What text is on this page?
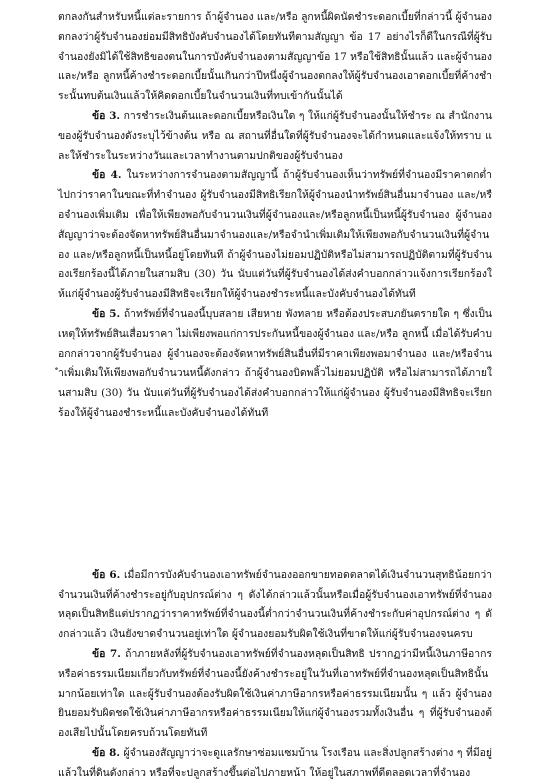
ตกลงกันสำหรับหนี้แต่ละรายการ ถ้าผู้จำนอง และ/หรือ ลูกหนี้ผิดนัดชำระดอกเบี้ยที่กล่าวนี้ ผู้จำนองตกลงว่าผู้รับจำนองย่อมมีสิทธิบังคับจำนองได้โดยทันทีตามสัญญา ข้อ 17 อย่างไรก็ดีในกรณีที่ผู้รับจำนองยังมิได้ใช้สิทธิของตนในการบังคับจำนองตามสัญญาข้อ 17 หรือใช้สิทธินั้นแล้ว และผู้จำนองและ/หรือ ลูกหนี้ค้างชำระดอกเบี้ยนั้นเกินกว่าปีหนึ่งผู้จำนองตกลงให้ผู้รับจำนองเอาดอกเบี้ยที่ค้างชำระนั้นทบต้นเงินแล้วให้คิดดอกเบี้ยในจำนวนเงินที่ทบเข้ากันนั้นได้

ข้อ 3. การชำระเงินต้นและดอกเบี้ยหรือเงินใด ๆ ให้แก่ผู้รับจำนองนั้นให้ชำระ ณ สำนักงานของผู้รับจำนองดังระบุไว้ข้างต้น หรือ ณ สถานที่อื่นใดที่ผู้รับจำนองจะได้กำหนดและแจ้งให้ทราบ และให้ชำระในระหว่างวันและเวลาทำงานตามปกติของผู้รับจำนอง

ข้อ 4. ในระหว่างการจำนองตามสัญญานี้ ถ้าผู้รับจำนองเห็นว่าทรัพย์ที่จำนองมีราคาตกต่ำไปกว่าราคาในขณะที่ทำจำนอง ผู้รับจำนองมีสิทธิเรียกให้ผู้จำนองนำทรัพย์สินอื่นมาจำนอง และ/หรือจำนองเพิ่มเติม เพื่อให้เพียงพอกับจำนวนเงินที่ผู้จำนองและ/หรือลูกหนี้เป็นหนี้ผู้รับจำนอง ผู้จำนองสัญญาว่าจะต้องจัดหาทรัพย์สินอื่นมาจำนองและ/หรือจำนำเพิ่มเติมให้เพียงพอกับจำนวนเงินที่ผู้จำนอง และ/หรือลูกหนี้เป็นหนี้อยู่โดยทันที ถ้าผู้จำนองไม่ยอมปฏิบัติหรือไม่สามารถปฏิบัติตามที่ผู้รับจำนองเรียกร้องนี้ได้ภายในสามสิบ (30) วัน นับแต่วันที่ผู้รับจำนองได้ส่งคำบอกกล่าวแจ้งการเรียกร้องให้แก่ผู้จำนองผู้รับจำนองมีสิทธิจะเรียกให้ผู้จำนองชำระหนี้และบังคับจำนองได้ทันที

ข้อ 5. ถ้าทรัพย์ที่จำนองนี้บุบสลาย เสียหาย พังทลาย หรือต้องประสบภยันตรายใด ๆ ซึ่งเป็นเหตุให้ทรัพย์สินเสื่อมราคา ไม่เพียงพอแก่การประกันหนี้ของผู้จำนอง และ/หรือ ลูกหนี้ เมื่อได้รับคำบอกกล่าวจากผู้รับจำนอง ผู้จำนองจะต้องจัดหาทรัพย์สินอื่นที่มีราคาเพียงพอมาจำนอง และ/หรือจำนำเพิ่มเติมให้เพียงพอกับจำนวนหนี้ดังกล่าว ถ้าผู้จำนองบิดพลิ้วไม่ยอมปฏิบัติ หรือไม่สามารถได้ภายในสามสิบ (30) วัน นับแต่วันที่ผู้รับจำนองได้ส่งคำบอกกล่าวให้แก่ผู้จำนอง ผู้รับจำนองมีสิทธิจะเรียกร้องให้ผู้จำนองชำระหนี้และบังคับจำนองได้ทันที

ข้อ 6. เมื่อมีการบังคับจำนองเอาทรัพย์จำนองออกขายทอดตลาดได้เงินจำนวนสุทธิน้อยกว่าจำนวนเงินที่ค้างชำระอยู่กับอุปกรณ์ต่าง ๆ ดังได้กล่าวแล้วนั้นหรือเมื่อผู้รับจำนองเอาทรัพย์ที่จำนองหลุดเป็นสิทธิแต่ปรากฏว่าราคาทรัพย์ที่จำนองนี้ต่ำกว่าจำนวนเงินที่ค้างชำระกับค่าอุปกรณ์ต่าง ๆ ดังกล่าวแล้ว เงินยังขาดจำนวนอยู่เท่าใด ผู้จำนองยอมรับผิดใช้เงินที่ขาดให้แก่ผู้รับจำนองจนครบ

ข้อ 7. ถ้าภายหลังที่ผู้รับจำนองเอาทรัพย์ที่จำนองหลุดเป็นสิทธิ ปรากฏว่ามีหนี้เงินภาษีอากรหรือค่าธรรมเนียมเกี่ยวกับทรัพย์ที่จำนองนี้ยังค้างชำระอยู่ในวันที่เอาทรัพย์ที่จำนองหลุดเป็นสิทธินั้นมากน้อยเท่าใด และผู้รับจำนองต้องรับผิดใช้เงินค่าภาษีอากรหรือค่าธรรมเนียมนั้น ๆ แล้ว ผู้จำนองยินยอมรับผิดชดใช้เงินค่าภาษีอากรหรือค่าธรรมเนียมให้แก่ผู้จำนองรวมทั้งเงินอื่น ๆ ที่ผู้รับจำนองต้องเสียไปนั้นโดยครบถ้วนโดยทันที

ข้อ 8. ผู้จำนองสัญญาว่าจะดูแลรักษาซ่อมแซมบ้าน โรงเรือน และสิ่งปลูกสร้างต่าง ๆ ที่มีอยู่แล้วในที่ดินดังกล่าว หรือที่จะปลูกสร้างขึ้นต่อไปภายหน้า ให้อยู่ในสภาพที่ดีตลอดเวลาที่จำนอง
